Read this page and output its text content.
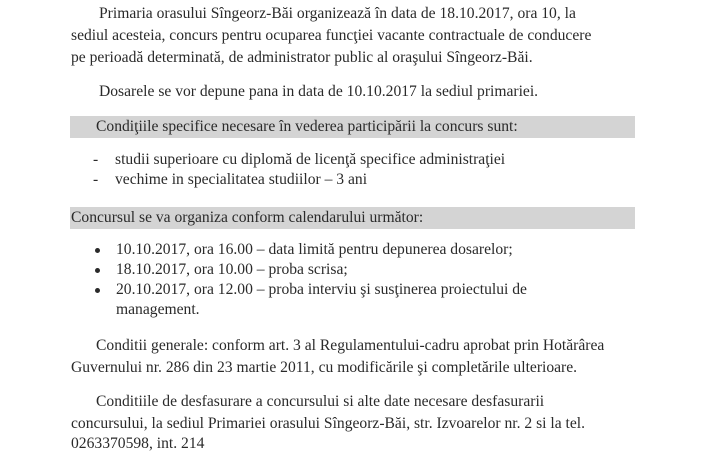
Primaria orasului Sîngeorz-Băi organizează în data de 18.10.2017, ora 10, la
sediul acesteia, concurs pentru ocuparea funcţiei vacante contractuale de conducere
pe perioadă determinată, de administrator public al oraşului Sîngeorz-Băi.
Dosarele se vor depune pana in data de 10.10.2017 la sediul primariei.
Condiţiile specifice necesare în vederea participării la concurs sunt:
- studii superioare cu diplomă de licenţă specifice administraţiei
- vechime in specialitatea studiilor – 3 ani
Concursul se va organiza conform calendarului următor:
10.10.2017, ora 16.00 – data limită pentru depunerea dosarelor;
18.10.2017, ora 10.00 – proba scrisa;
20.10.2017, ora 12.00 – proba interviu şi susţinerea proiectului de
management.
Conditii generale: conform art. 3 al Regulamentului-cadru aprobat prin Hotărârea
Guvernului nr. 286 din 23 martie 2011, cu modificările şi completările ulterioare.
Conditiile de desfasurare a concursului si alte date necesare desfasurarii
concursului, la sediul Primariei orasului Sîngeorz-Băi, str. Izvoarelor nr. 2 si la tel.
0263370598, int. 214
